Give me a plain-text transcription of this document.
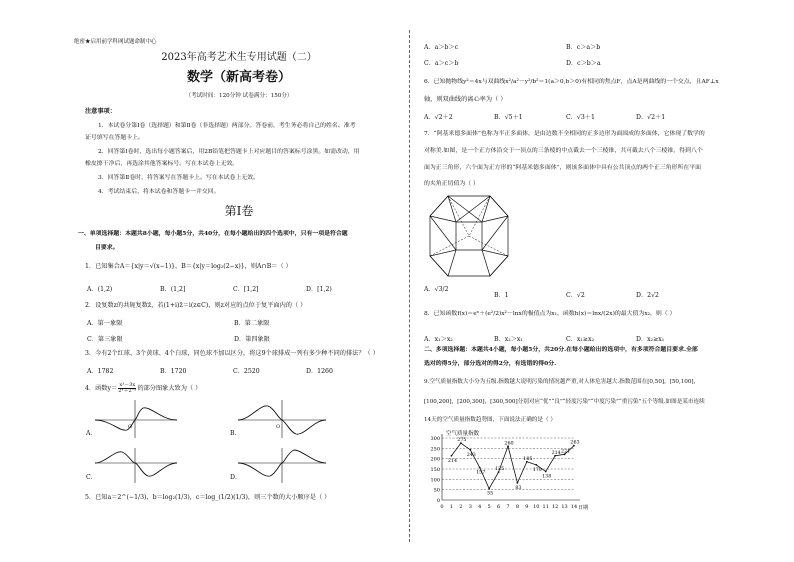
绝密★启用前学科网试题命制中心
2023年高考艺术生专用试题（二）
数学（新高考卷）
（考试时间：120分钟 试卷满分：150分）
注意事项：
1．本试卷分第Ⅰ卷（选择题）和第Ⅱ卷（非选择题）两部分。答卷前，考生务必将自己的姓名、准考
证号填写在答题卡上。
2．回答第Ⅰ卷时，选出每小题答案后，用2B铅笔把答题卡上对应题目的答案标号涂黑。如需改动，用
橡皮擦干净后，再选涂其他答案标号。写在本试卷上无效。
3．回答第Ⅱ卷时，将答案写在答题卡上。写在本试卷上无效。
4．考试结束后，将本试卷和答题卡一并交回。
第Ⅰ卷
一、单项选择题：本题共8小题，每小题5分，共40分，在每小题给出的四个选项中，只有一项是符合题
目要求。
1．已知集合A＝{x|y＝√(x−1)}，B＝{x|y＝log₂(2−x)}，则A∩B＝（ ）
A．(1,2)	B．(1,2]	C．[1,2]	D．[1,2)
2．设复数z的共轭复数z̄，若(1+i)z̄＝i(z∈C)，则z对应的点位于复平面内的（ ）
A．第一象限	B．第二象限
C．第三象限	D．第四象限
3．今有2个红球、3个黄球、4个白球，同色球不加以区分，将这9个球排成一列有多少种不同的排法？（ ）
A．1782	B．1720	C．2520	D．1260
4．函数$y= \frac{\text{x³－3x}}{\text{2ˣ＋2⁻ˣ}}$ 的部分图象大致为（ ）
A．
O
B．
O
C．	D．
5．已知a＝2^(−1/3)，b＝log₂(1/3)，c＝log_(1/2)(1/3)，则三个数的大小顺序是（ ）
A．a＞b＞c	B．c＞a＞b
C．a＞c＞b	D．c＞b＞a
6．已知抛物线y²＝4x与双曲线x²/a²－y²/b²＝1(a＞0,b＞0)有相同的焦点F，点A是两曲线的一个交点，且AF⊥x
轴，则双曲线的离心率为（ ）
A．√2＋2	B．√5＋1	C．√3＋1	D．√2＋1
7．“阿基米德多面体”也称为半正多面体，是由边数不全相同的正多边形为面围成的多面体，它体现了数学的
对称美.如图，是一个正方体沿交于一顶点的三条棱的中点截去一个三棱锥，共可截去八个三棱锥，得到八个
面为正三角形，六个面为正方形的“阿基米德多面体”，则该多面体中具有公共顶点的两个正三角形所在平面
的夹角正切值为（ ）
A．√3/2
B．1	C．√2	D．2√2
8．已知函数f(x)＝eˣ＋(e²/2)x²－lnx的极值点为x₁，函数h(x)＝lnx/(2x)的最大值为x₂，则（ ）
A．x₁＞x₂	B．x₂＞x₁	C．x₁≥x₂	D．x₂≥x₁
二、多项选择题：本题共4小题，每小题5分，共20分.在每小题给出的选项中，有多项符合题目要求.全部
选对的得5分，部分选对的得2分，有选错的得0分.
9.空气质量指数大小分为五级.指数越大说明污染的情况越严重,对人体危害越大.指数范围在[0,50]，[50,100]，
[100,200]，[200,300]，[300,500]分别对应“优”“良”“轻度污染”“中度污染”“重污染”五个等级.如图是某市连续
14天的空气质量指数趋势图，下面说法正确的是（ ）
0
50
100
150
200
250
300
0 1 2 3 4 5 6 7 8 9 10 11 12 13 14
空气质量指数
日期
214
275
243
157
55
135
260
83
185
170
138
214 221
263
